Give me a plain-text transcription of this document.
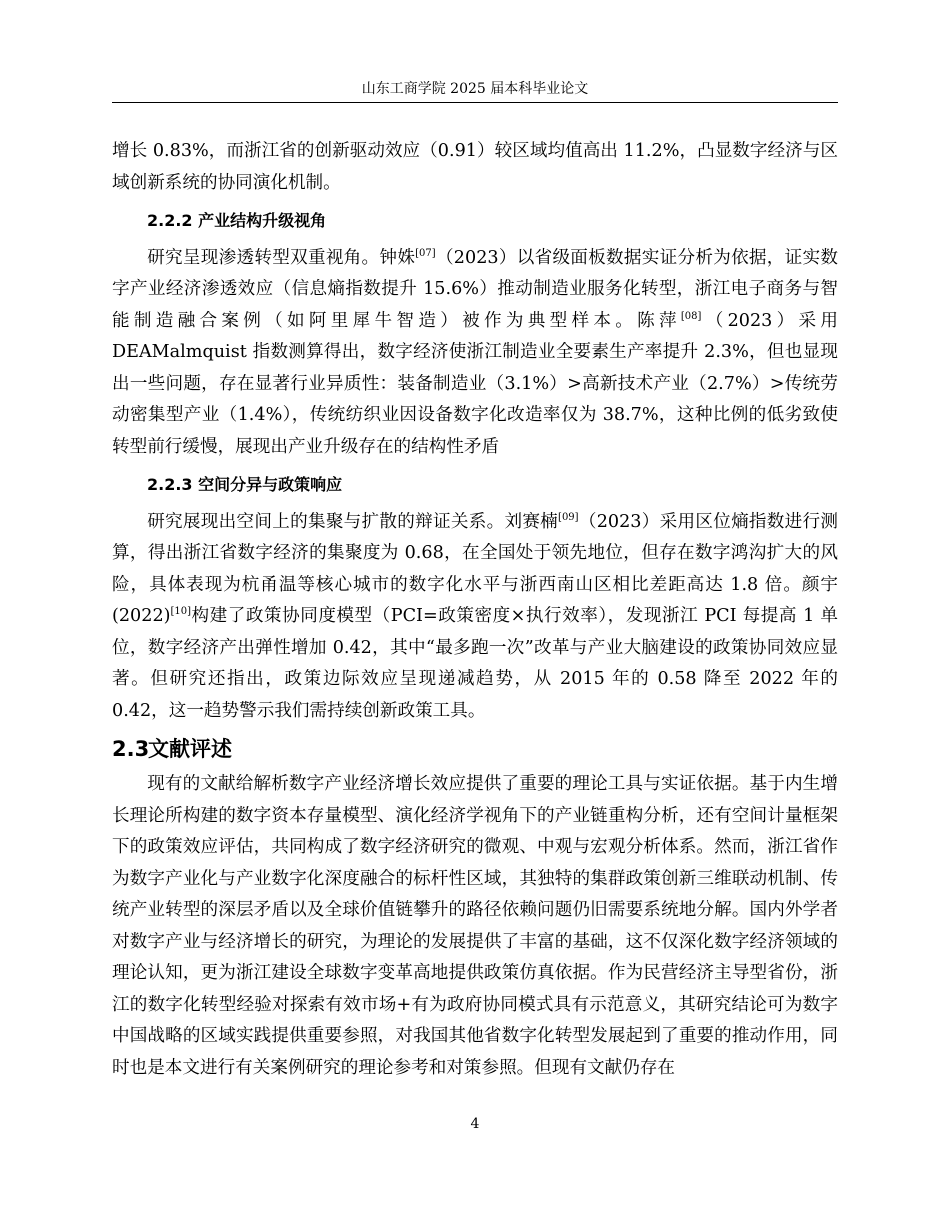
山东工商学院 2025 届本科毕业论文

增长 0.83%，而浙江省的创新驱动效应（0.91）较区域均值高出 11.2%，凸显数字经济与区域创新系统的协同演化机制。

2.2.2 产业结构升级视角

研究呈现渗透转型双重视角。钟姝[07]（2023）以省级面板数据实证分析为依据，证实数字产业经济渗透效应（信息熵指数提升 15.6%）推动制造业服务化转型，浙江电子商务与智能制造融合案例（如阿里犀牛智造）被作为典型样本。陈萍[08]（2023）采用 DEAMalmquist 指数测算得出，数字经济使浙江制造业全要素生产率提升 2.3%，但也显现出一些问题，存在显著行业异质性：装备制造业（3.1%）>高新技术产业（2.7%）>传统劳动密集型产业（1.4%），传统纺织业因设备数字化改造率仅为 38.7%，这种比例的低劣致使转型前行缓慢，展现出产业升级存在的结构性矛盾

2.2.3 空间分异与政策响应

研究展现出空间上的集聚与扩散的辩证关系。刘赛楠[09]（2023）采用区位熵指数进行测算，得出浙江省数字经济的集聚度为 0.68，在全国处于领先地位，但存在数字鸿沟扩大的风险，具体表现为杭甬温等核心城市的数字化水平与浙西南山区相比差距高达 1.8 倍。颜宇(2022)[10]构建了政策协同度模型（PCI=政策密度×执行效率），发现浙江 PCI 每提高 1 单位，数字经济产出弹性增加 0.42，其中“最多跑一次”改革与产业大脑建设的政策协同效应显著。但研究还指出，政策边际效应呈现递减趋势，从 2015 年的 0.58 降至 2022 年的 0.42，这一趋势警示我们需持续创新政策工具。

2.3文献评述

现有的文献给解析数字产业经济增长效应提供了重要的理论工具与实证依据。基于内生增长理论所构建的数字资本存量模型、演化经济学视角下的产业链重构分析，还有空间计量框架下的政策效应评估，共同构成了数字经济研究的微观、中观与宏观分析体系。然而，浙江省作为数字产业化与产业数字化深度融合的标杆性区域，其独特的集群政策创新三维联动机制、传统产业转型的深层矛盾以及全球价值链攀升的路径依赖问题仍旧需要系统地分解。国内外学者对数字产业与经济增长的研究，为理论的发展提供了丰富的基础，这不仅深化数字经济领域的理论认知，更为浙江建设全球数字变革高地提供政策仿真依据。作为民营经济主导型省份，浙江的数字化转型经验对探索有效市场+有为政府协同模式具有示范意义，其研究结论可为数字中国战略的区域实践提供重要参照，对我国其他省数字化转型发展起到了重要的推动作用，同时也是本文进行有关案例研究的理论参考和对策参照。但现有文献仍存在

4
